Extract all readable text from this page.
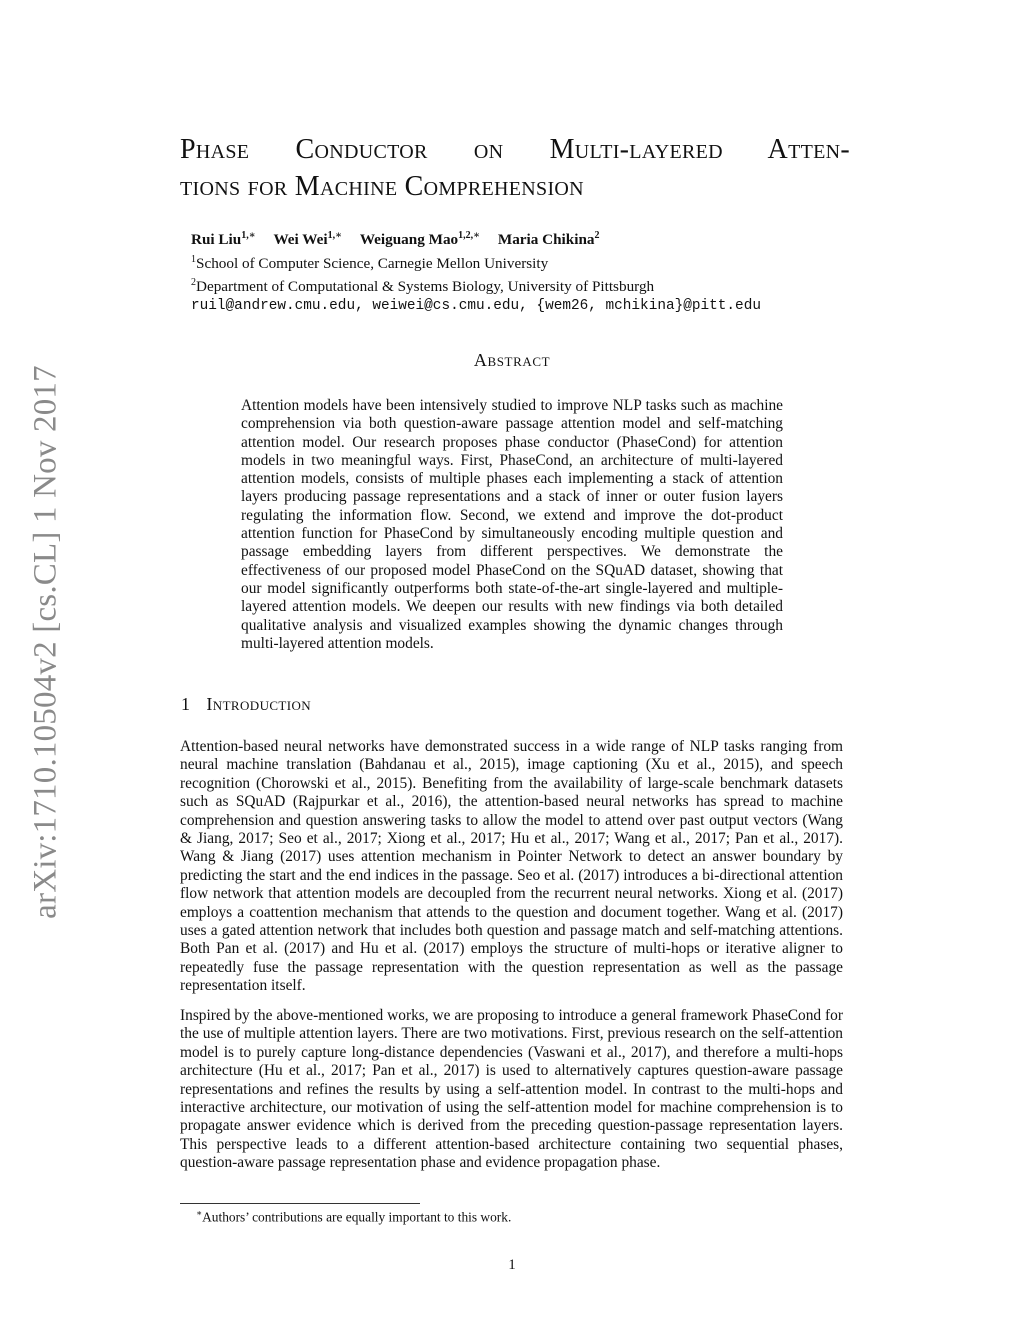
arXiv:1710.10504v2 [cs.CL] 1 Nov 2017
Phase Conductor on Multi-layered Atten-
tions for Machine Comprehension
Rui Liu$^{1,∗}$ Wei Wei$^{1,∗}$ Weiguang Mao$^{1,2,∗}$ Maria Chikina$^2$
$^1$School of Computer Science, Carnegie Mellon University
$^2$Department of Computational & Systems Biology, University of Pittsburgh
ruil@andrew.cmu.edu, weiwei@cs.cmu.edu, {wem26, mchikina}@pitt.edu
Abstract

Attention models have been intensively studied to improve NLP tasks such as machine comprehension via both question-aware passage attention model and self-matching attention model. Our research proposes phase conductor (PhaseCond) for attention models in two meaningful ways. First, PhaseCond, an architecture of multi-layered attention models, consists of multiple phases each implementing a stack of attention layers producing passage representations and a stack of inner or outer fusion layers regulating the information flow. Second, we extend and improve the dot-product attention function for PhaseCond by simultaneously encoding multiple question and passage embedding layers from different perspectives. We demonstrate the effectiveness of our proposed model PhaseCond on the SQuAD dataset, showing that our model significantly outperforms both state-of-the-art single-layered and multiple-layered attention models. We deepen our results with new findings via both detailed qualitative analysis and visualized examples showing the dynamic changes through multi-layered attention models.

1 Introduction

Attention-based neural networks have demonstrated success in a wide range of NLP tasks ranging from neural machine translation (Bahdanau et al., 2015), image captioning (Xu et al., 2015), and speech recognition (Chorowski et al., 2015). Benefiting from the availability of large-scale benchmark datasets such as SQuAD (Rajpurkar et al., 2016), the attention-based neural networks has spread to machine comprehension and question answering tasks to allow the model to attend over past output vectors (Wang & Jiang, 2017; Seo et al., 2017; Xiong et al., 2017; Hu et al., 2017; Wang et al., 2017; Pan et al., 2017). Wang & Jiang (2017) uses attention mechanism in Pointer Network to detect an answer boundary by predicting the start and the end indices in the passage. Seo et al. (2017) introduces a bi-directional attention flow network that attention models are decoupled from the recurrent neural networks. Xiong et al. (2017) employs a coattention mechanism that attends to the question and document together. Wang et al. (2017) uses a gated attention network that includes both question and passage match and self-matching attentions. Both Pan et al. (2017) and Hu et al. (2017) employs the structure of multi-hops or iterative aligner to repeatedly fuse the passage representation with the question representation as well as the passage representation itself.

Inspired by the above-mentioned works, we are proposing to introduce a general framework PhaseCond for the use of multiple attention layers. There are two motivations. First, previous research on the self-attention model is to purely capture long-distance dependencies (Vaswani et al., 2017), and therefore a multi-hops architecture (Hu et al., 2017; Pan et al., 2017) is used to alternatively captures question-aware passage representations and refines the results by using a self-attention model. In contrast to the multi-hops and interactive architecture, our motivation of using the self-attention model for machine comprehension is to propagate answer evidence which is derived from the preceding question-passage representation layers. This perspective leads to a different attention-based architecture containing two sequential phases, question-aware passage representation phase and evidence propagation phase.

∗Authors’ contributions are equally important to this work.
1
